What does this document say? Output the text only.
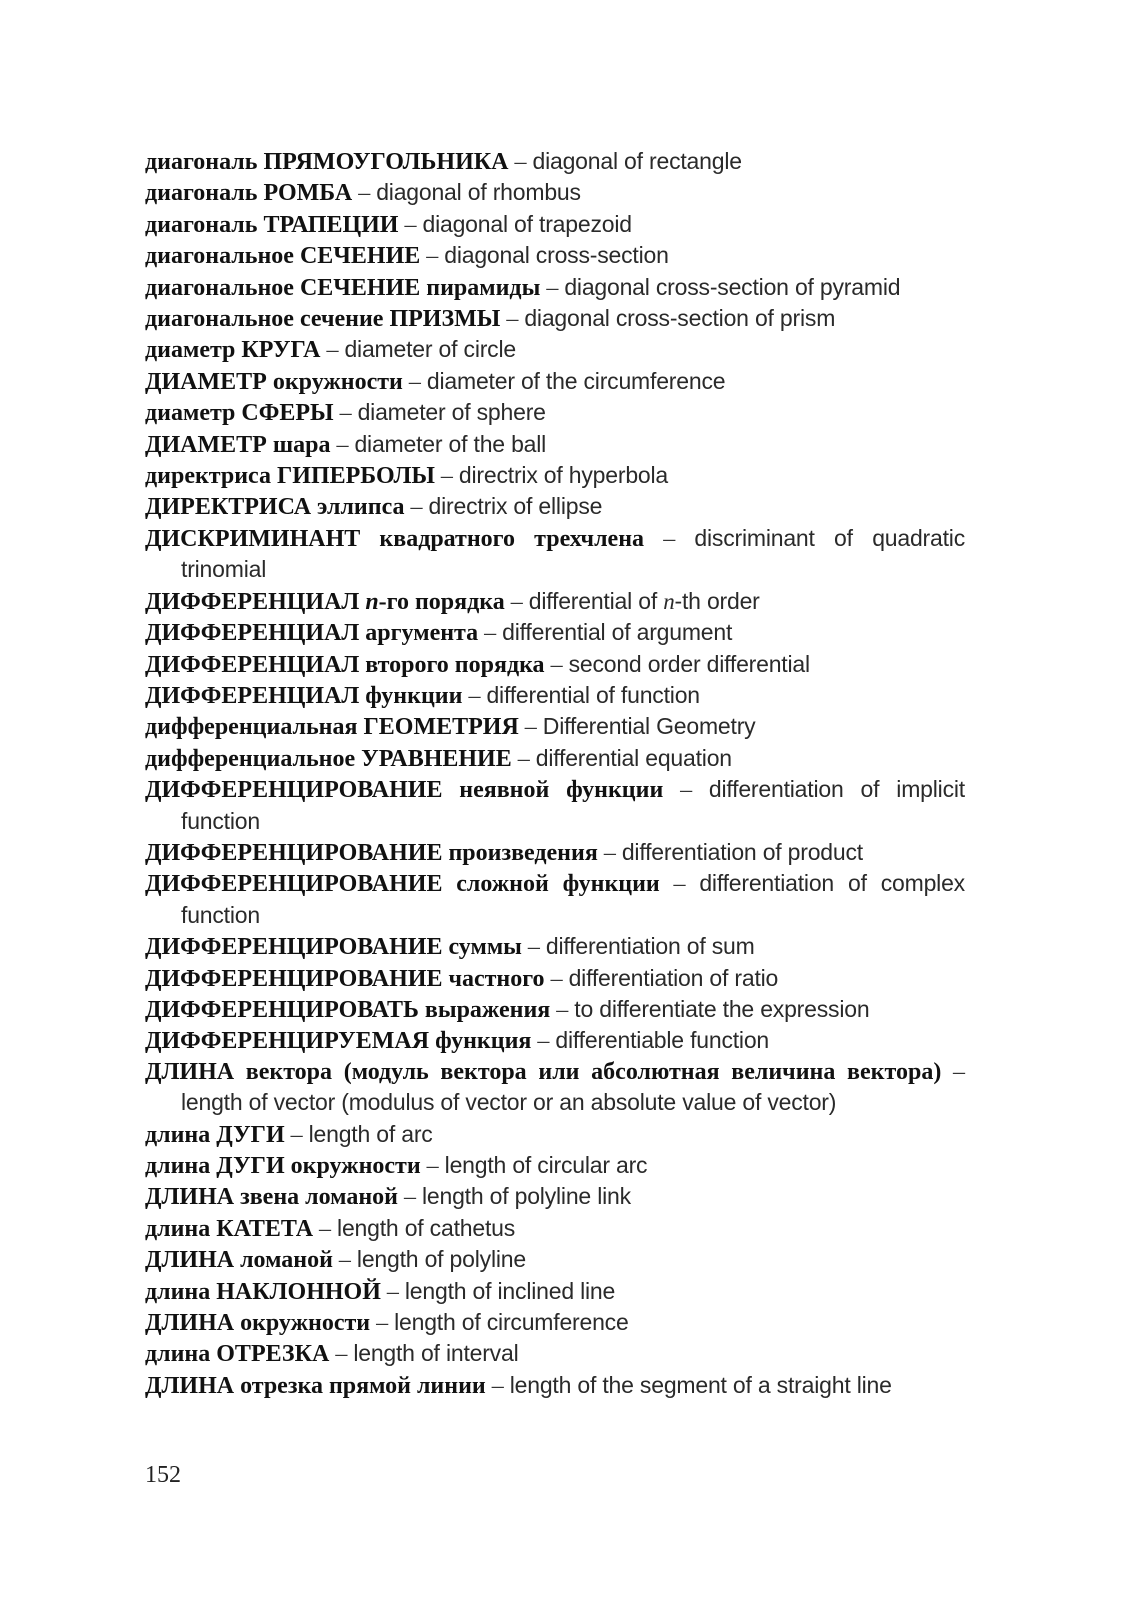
диагональ ПРЯМОУГОЛЬНИКА – diagonal of rectangle

диагональ РОМБА – diagonal of rhombus

диагональ ТРАПЕЦИИ – diagonal of trapezoid

диагональное СЕЧЕНИЕ – diagonal cross-section

диагональное СЕЧЕНИЕ пирамиды – diagonal cross-section of pyramid

диагональное сечение ПРИЗМЫ – diagonal cross-section of prism

диаметр КРУГА – diameter of circle

ДИАМЕТР окружности – diameter of the circumference

диаметр СФЕРЫ – diameter of sphere

ДИАМЕТР шара – diameter of the ball

директриса ГИПЕРБОЛЫ – directrix of hyperbola

ДИРЕКТРИСА эллипса – directrix of ellipse

ДИСКРИМИНАНТ квадратного трехчлена – discriminant of quadratic trinomial

ДИФФЕРЕНЦИАЛ n-го порядка – differential of n-th order

ДИФФЕРЕНЦИАЛ аргумента – differential of argument

ДИФФЕРЕНЦИАЛ второго порядка – second order differential

ДИФФЕРЕНЦИАЛ функции – differential of function

дифференциальная ГЕОМЕТРИЯ – Differential Geometry

дифференциальное УРАВНЕНИЕ – differential equation

ДИФФЕРЕНЦИРОВАНИЕ неявной функции – differentiation of implicit function

ДИФФЕРЕНЦИРОВАНИЕ произведения – differentiation of product

ДИФФЕРЕНЦИРОВАНИЕ сложной функции – differentiation of complex function

ДИФФЕРЕНЦИРОВАНИЕ суммы – differentiation of sum

ДИФФЕРЕНЦИРОВАНИЕ частного – differentiation of ratio

ДИФФЕРЕНЦИРОВАТЬ выражения – to differentiate the expression

ДИФФЕРЕНЦИРУЕМАЯ функция – differentiable function

ДЛИНА вектора (модуль вектора или абсолютная величина вектора) – length of vector (modulus of vector or an absolute value of vector)

длина ДУГИ – length of arc

длина ДУГИ окружности – length of circular arc

ДЛИНА звена ломаной – length of polyline link

длина КАТЕТА – length of cathetus

ДЛИНА ломаной – length of polyline

длина НАКЛОННОЙ – length of inclined line

ДЛИНА окружности – length of circumference

длина ОТРЕЗКА – length of interval

ДЛИНА отрезка прямой линии – length of the segment of a straight line

152
